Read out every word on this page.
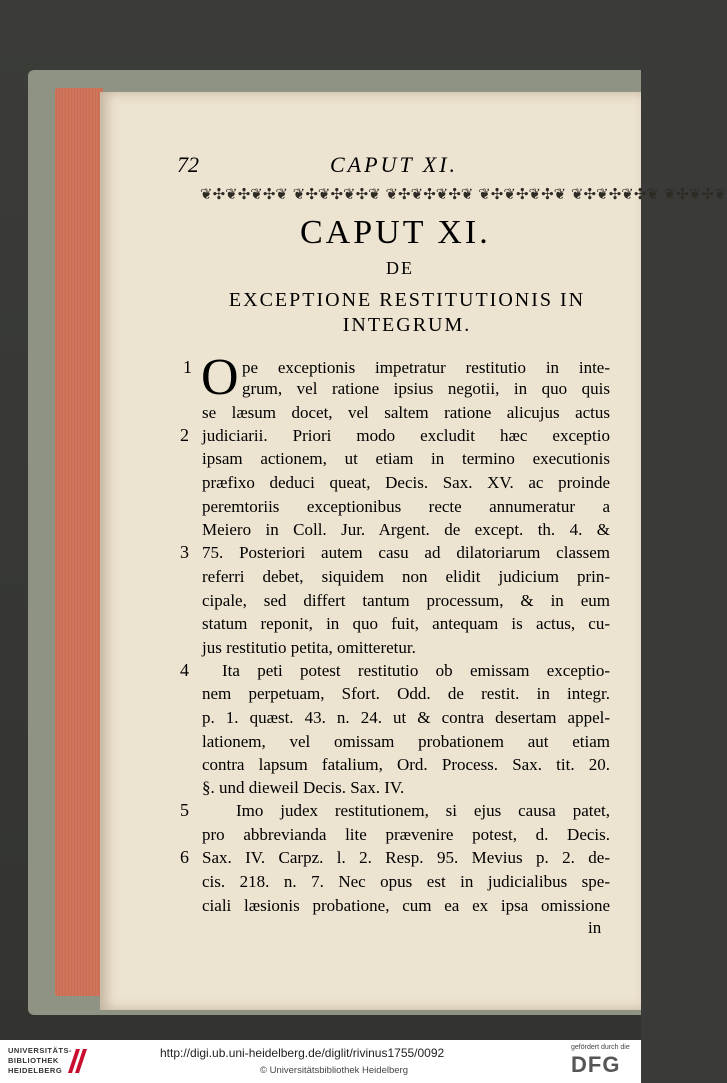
72	CAPUT XI.
❦✣❦✣❦✣❦ ❦✣❦✣❦✣❦ ❦✣❦✣❦✣❦ ❦✣❦✣❦✣❦ ❦✣❦✣❦✣❦ ❦✣❦✣❦
CAPUT XI.
DE
EXCEPTIONE RESTITUTIONIS IN
INTEGRUM.
O pe exceptionis impetratur restitutio in inte-
grum, vel ratione ipsius negotii, in quo quis
se læsum docet, vel saltem ratione alicujus actus
judiciarii. Priori modo excludit hæc exceptio
ipsam actionem, ut etiam in termino executionis
præfixo deduci queat, Decis. Sax. XV. ac proinde
peremtoriis exceptionibus recte annumeratur a
Meiero in Coll. Jur. Argent. de except. th. 4. &
75. Posteriori autem casu ad dilatoriarum classem
referri debet, siquidem non elidit judicium prin-
cipale, sed differt tantum processum, & in eum
statum reponit, in quo fuit, antequam is actus, cu-
jus restitutio petita, omitteretur.
Ita peti potest restitutio ob emissam exceptio-
nem perpetuam, Sfort. Odd. de restit. in integr.
p. 1. quæst. 43. n. 24. ut & contra desertam appel-
lationem, vel omissam probationem aut etiam
contra lapsum fatalium, Ord. Process. Sax. tit. 20.
§. und dieweil Decis. Sax. IV.
Imo judex restitutionem, si ejus causa patet,
pro abbrevianda lite prævenire potest, d. Decis.
Sax. IV. Carpz. l. 2. Resp. 95. Mevius p. 2. de-
cis. 218. n. 7. Nec opus est in judicialibus spe-
ciali læsionis probatione, cum ea ex ipsa omissione
1
2
3
4
5
6
in
UNIVERSITÄTS-
BIBLIOTHEK
HEIDELBERG
http://digi.ub.uni-heidelberg.de/diglit/rivinus1755/0092
© Universitätsbibliothek Heidelberg
gefördert durch die
DFG
